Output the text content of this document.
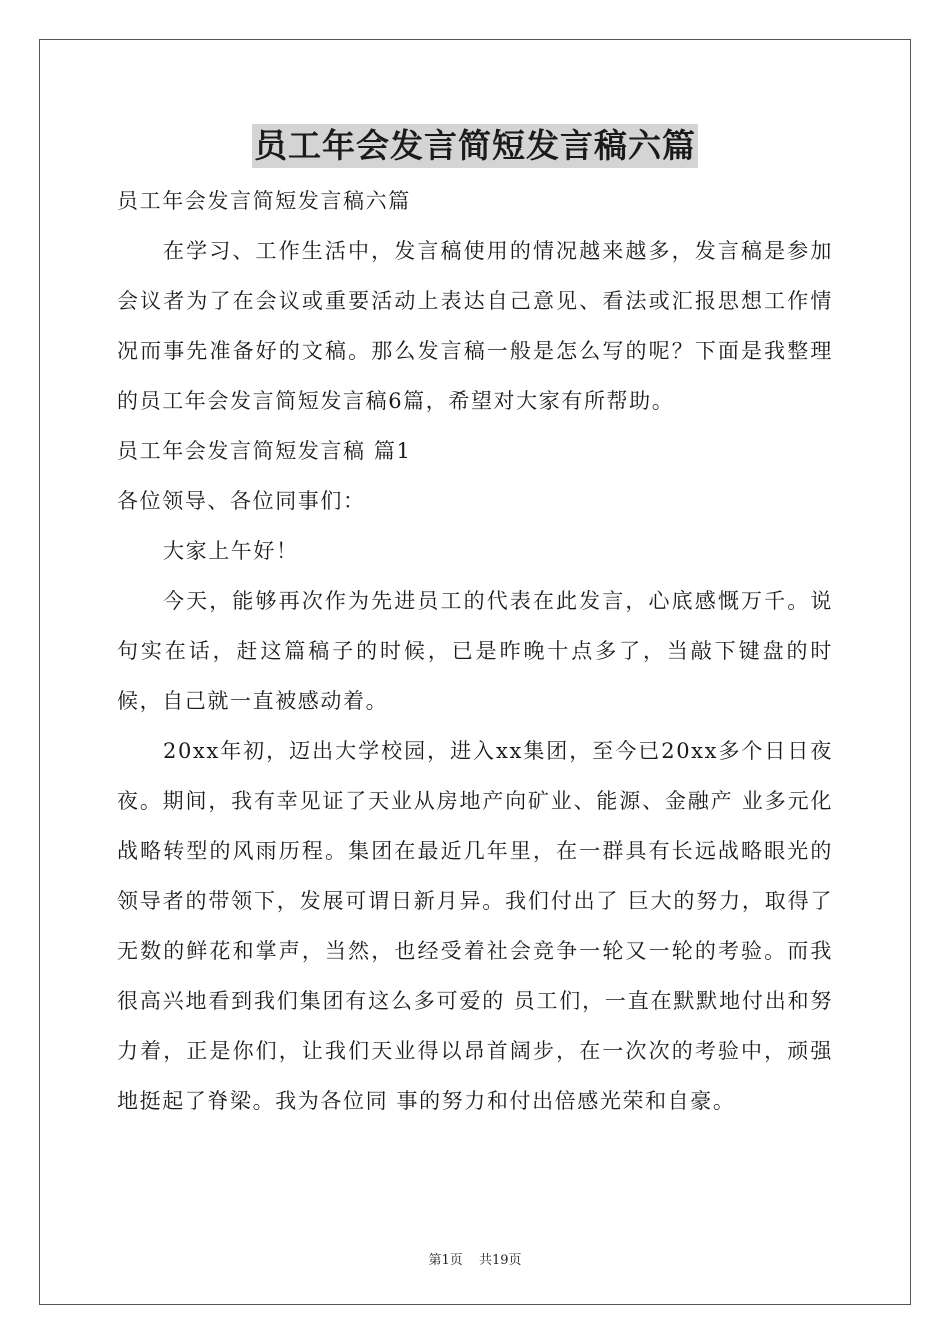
员工年会发言简短发言稿六篇

员工年会发言简短发言稿六篇

在学习、工作生活中，发言稿使用的情况越来越多，发言稿是参加会议者为了在会议或重要活动上表达自己意见、看法或汇报思想工作情况而事先准备好的文稿。那么发言稿一般是怎么写的呢？下面是我整理的员工年会发言简短发言稿6篇，希望对大家有所帮助。

员工年会发言简短发言稿 篇1

各位领导、各位同事们：

大家上午好！

今天，能够再次作为先进员工的代表在此发言，心底感慨万千。说句实在话，赶这篇稿子的时候，已是昨晚十点多了，当敲下键盘的时候，自己就一直被感动着。

20xx年初，迈出大学校园，进入xx集团，至今已20xx多个日日夜夜。期间，我有幸见证了天业从房地产向矿业、能源、金融产 业多元化战略转型的风雨历程。集团在最近几年里，在一群具有长远战略眼光的领导者的带领下，发展可谓日新月异。我们付出了 巨大的努力，取得了无数的鲜花和掌声，当然，也经受着社会竞争一轮又一轮的考验。而我很高兴地看到我们集团有这么多可爱的 员工们，一直在默默地付出和努力着，正是你们，让我们天业得以昂首阔步，在一次次的考验中，顽强地挺起了脊梁。我为各位同 事的努力和付出倍感光荣和自豪。

第1页 共19页
